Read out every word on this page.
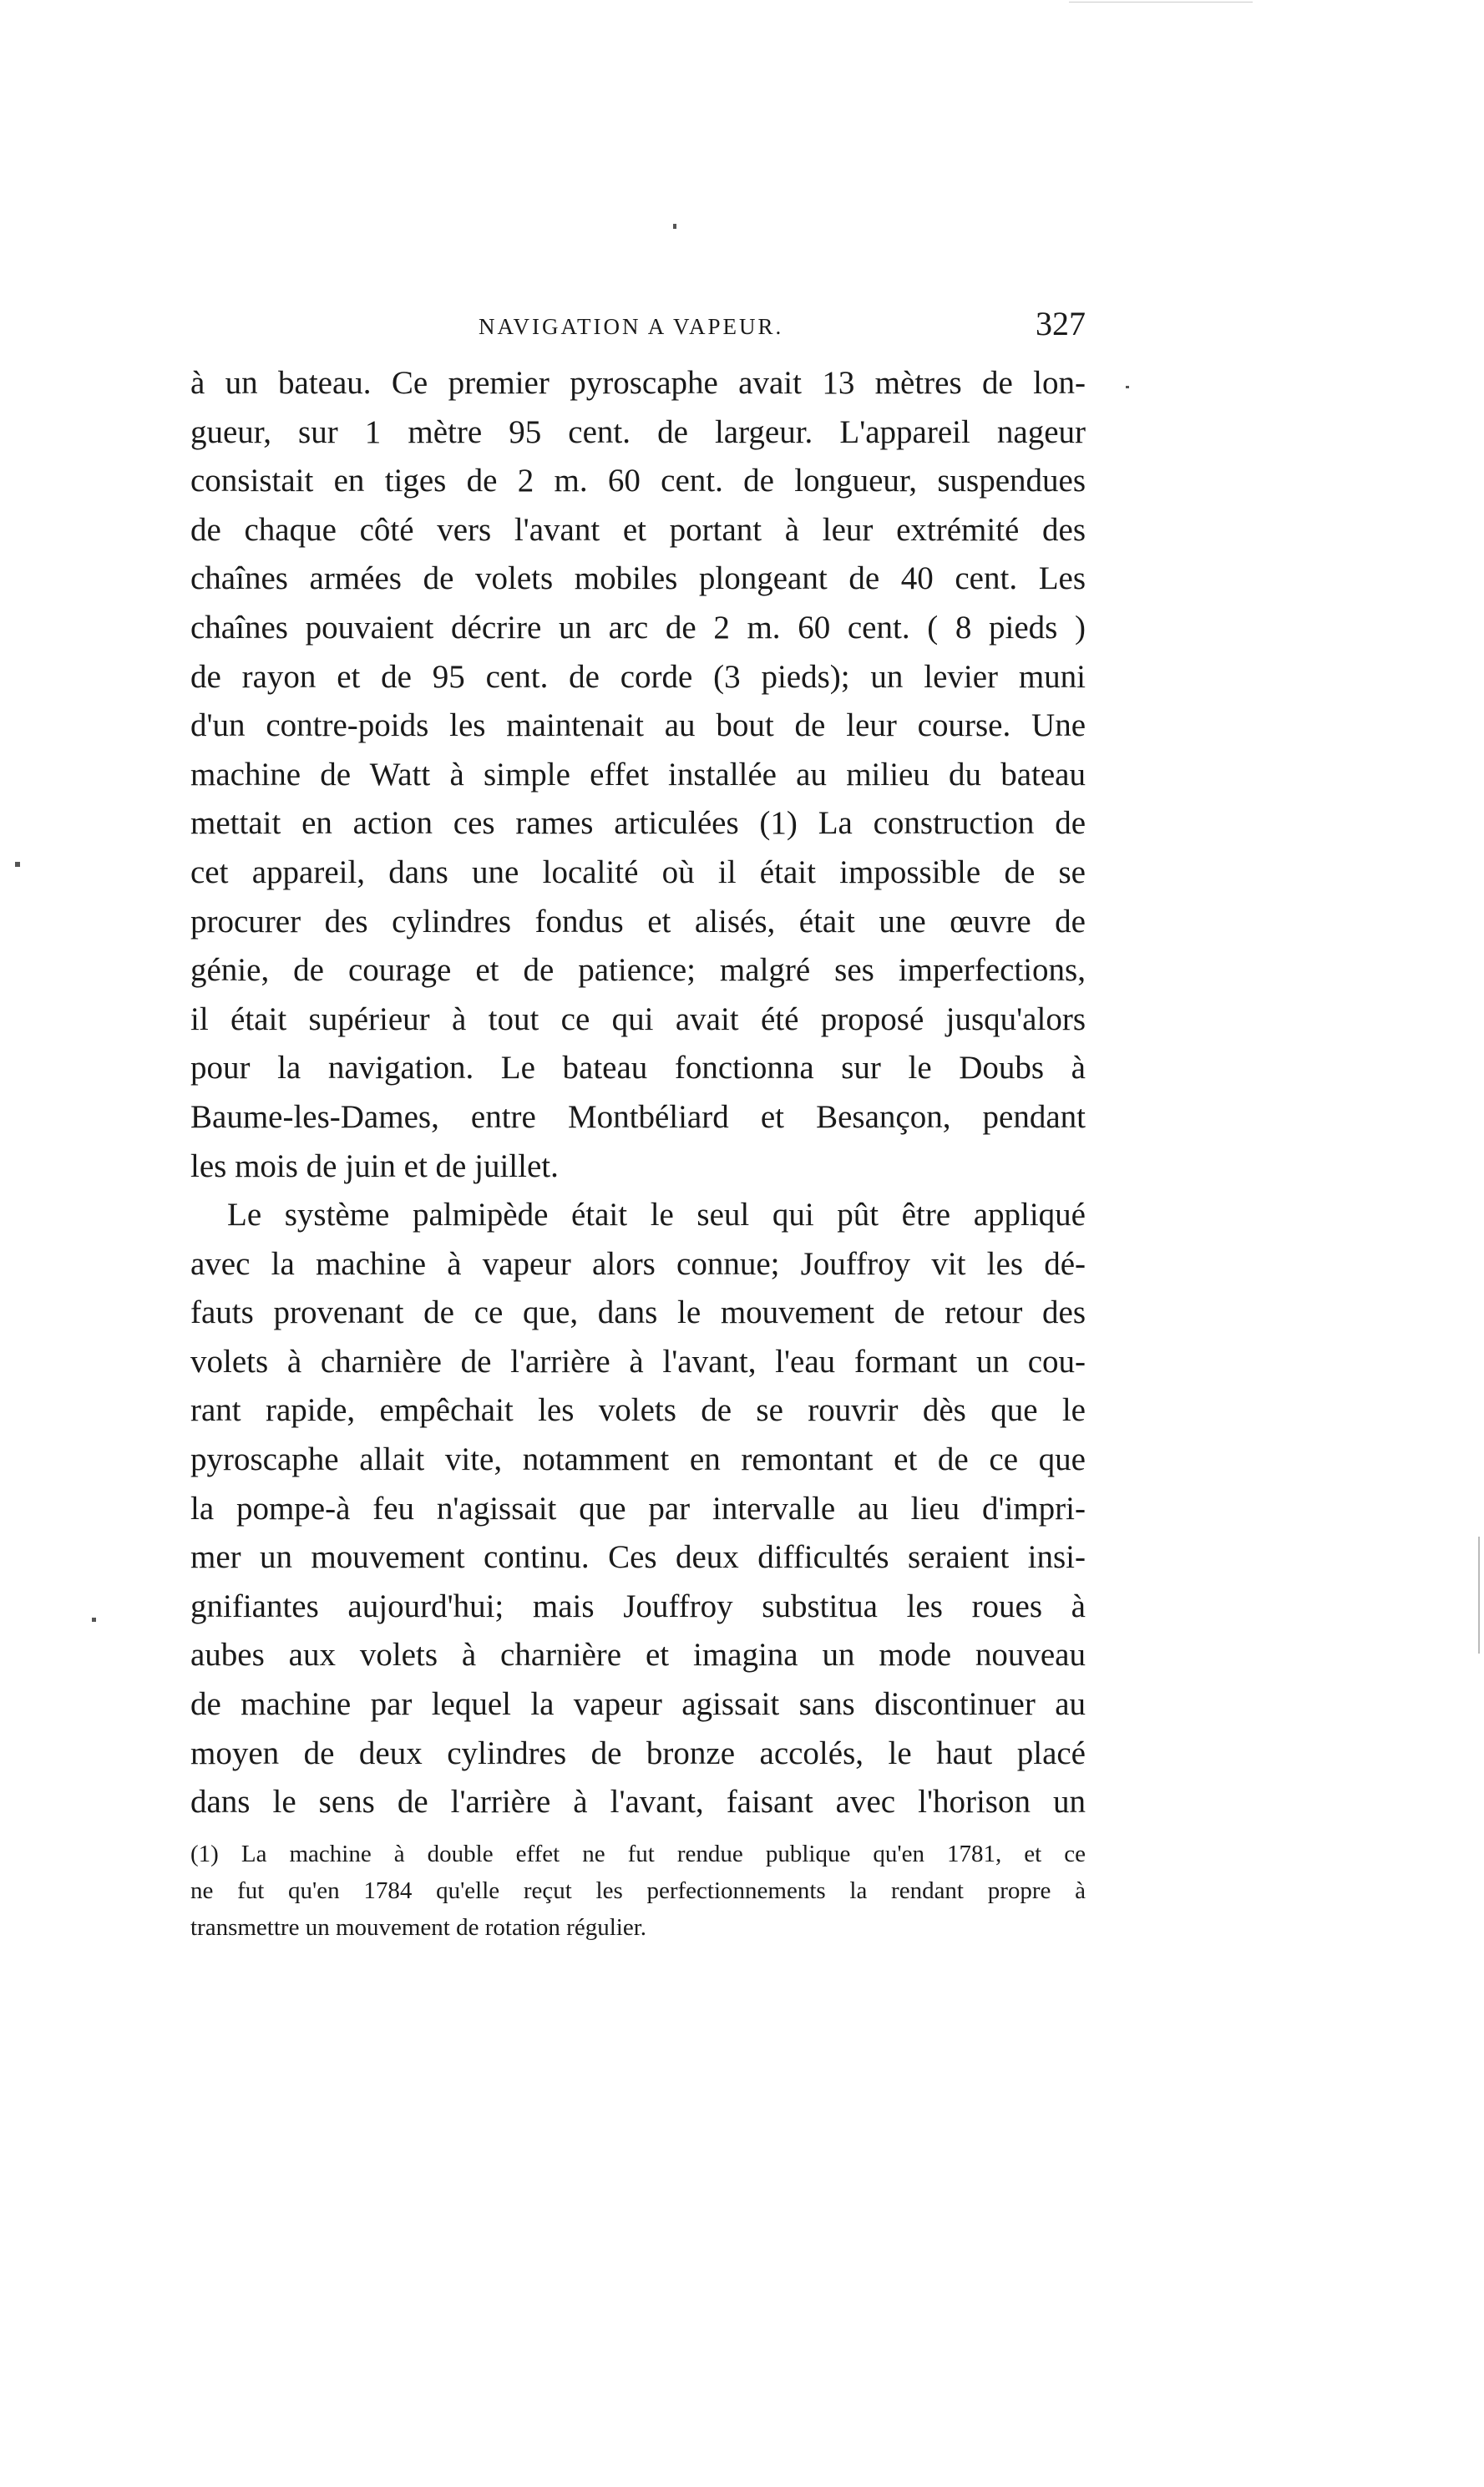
NAVIGATION A VAPEUR.	327
à un bateau. Ce premier pyroscaphe avait 13 mètres de lon-
gueur, sur 1 mètre 95 cent. de largeur. L'appareil nageur
consistait en tiges de 2 m. 60 cent. de longueur, suspendues
de chaque côté vers l'avant et portant à leur extrémité des
chaînes armées de volets mobiles plongeant de 40 cent. Les
chaînes pouvaient décrire un arc de 2 m. 60 cent. ( 8 pieds )
de rayon et de 95 cent. de corde (3 pieds); un levier muni
d'un contre-poids les maintenait au bout de leur course. Une
machine de Watt à simple effet installée au milieu du bateau
mettait en action ces rames articulées (1) La construction de
cet appareil, dans une localité où il était impossible de se
procurer des cylindres fondus et alisés, était une œuvre de
génie, de courage et de patience; malgré ses imperfections,
il était supérieur à tout ce qui avait été proposé jusqu'alors
pour la navigation. Le bateau fonctionna sur le Doubs à
Baume-les-Dames, entre Montbéliard et Besançon, pendant
les mois de juin et de juillet.
Le système palmipède était le seul qui pût être appliqué
avec la machine à vapeur alors connue; Jouffroy vit les dé-
fauts provenant de ce que, dans le mouvement de retour des
volets à charnière de l'arrière à l'avant, l'eau formant un cou-
rant rapide, empêchait les volets de se rouvrir dès que le
pyroscaphe allait vite, notamment en remontant et de ce que
la pompe-à feu n'agissait que par intervalle au lieu d'impri-
mer un mouvement continu. Ces deux difficultés seraient insi-
gnifiantes aujourd'hui; mais Jouffroy substitua les roues à
aubes aux volets à charnière et imagina un mode nouveau
de machine par lequel la vapeur agissait sans discontinuer au
moyen de deux cylindres de bronze accolés, le haut placé
dans le sens de l'arrière à l'avant, faisant avec l'horison un
(1) La machine à double effet ne fut rendue publique qu'en 1781, et ce
ne fut qu'en 1784 qu'elle reçut les perfectionnements la rendant propre à
transmettre un mouvement de rotation régulier.
